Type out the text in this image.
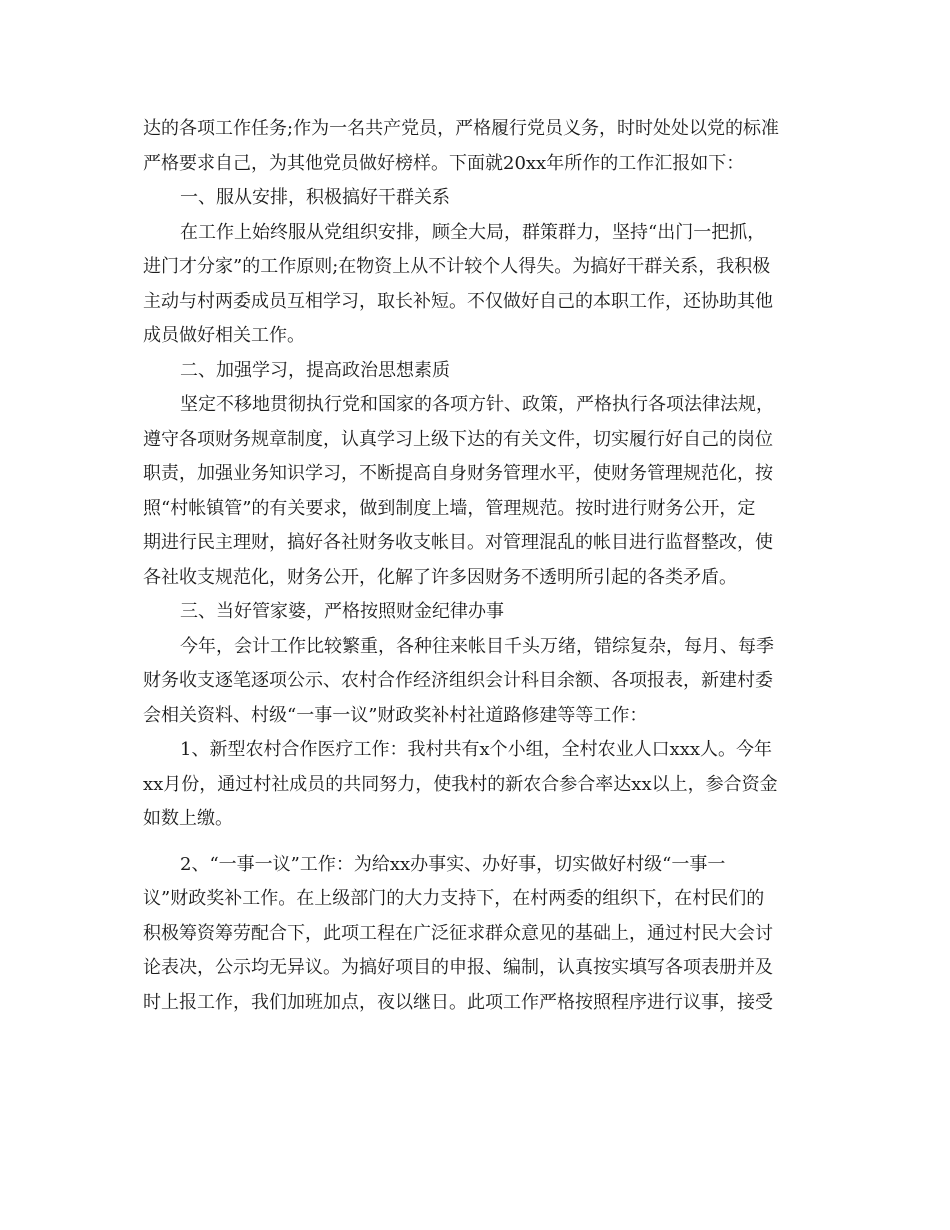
达的各项工作任务;作为一名共产党员，严格履行党员义务，时时处处以党的标准
严格要求自己，为其他党员做好榜样。下面就20xx年所作的工作汇报如下：
一、服从安排，积极搞好干群关系
在工作上始终服从党组织安排，顾全大局，群策群力，坚持“出门一把抓，
进门才分家”的工作原则;在物资上从不计较个人得失。为搞好干群关系，我积极
主动与村两委成员互相学习，取长补短。不仅做好自己的本职工作，还协助其他
成员做好相关工作。
二、加强学习，提高政治思想素质
坚定不移地贯彻执行党和国家的各项方针、政策，严格执行各项法律法规，
遵守各项财务规章制度，认真学习上级下达的有关文件，切实履行好自己的岗位
职责，加强业务知识学习，不断提高自身财务管理水平，使财务管理规范化，按
照“村帐镇管”的有关要求，做到制度上墙，管理规范。按时进行财务公开，定
期进行民主理财，搞好各社财务收支帐目。对管理混乱的帐目进行监督整改，使
各社收支规范化，财务公开，化解了许多因财务不透明所引起的各类矛盾。
三、当好管家婆，严格按照财金纪律办事
今年，会计工作比较繁重，各种往来帐目千头万绪，错综复杂，每月、每季
财务收支逐笔逐项公示、农村合作经济组织会计科目余额、各项报表，新建村委
会相关资料、村级“一事一议”财政奖补村社道路修建等等工作：
1、新型农村合作医疗工作：我村共有x个小组，全村农业人口xxx人。今年
xx月份，通过村社成员的共同努力，使我村的新农合参合率达xx以上，参合资金
如数上缴。
2、“一事一议”工作：为给xx办事实、办好事，切实做好村级“一事一
议”财政奖补工作。在上级部门的大力支持下，在村两委的组织下，在村民们的
积极筹资筹劳配合下，此项工程在广泛征求群众意见的基础上，通过村民大会讨
论表决，公示均无异议。为搞好项目的申报、编制，认真按实填写各项表册并及
时上报工作，我们加班加点，夜以继日。此项工作严格按照程序进行议事，接受
